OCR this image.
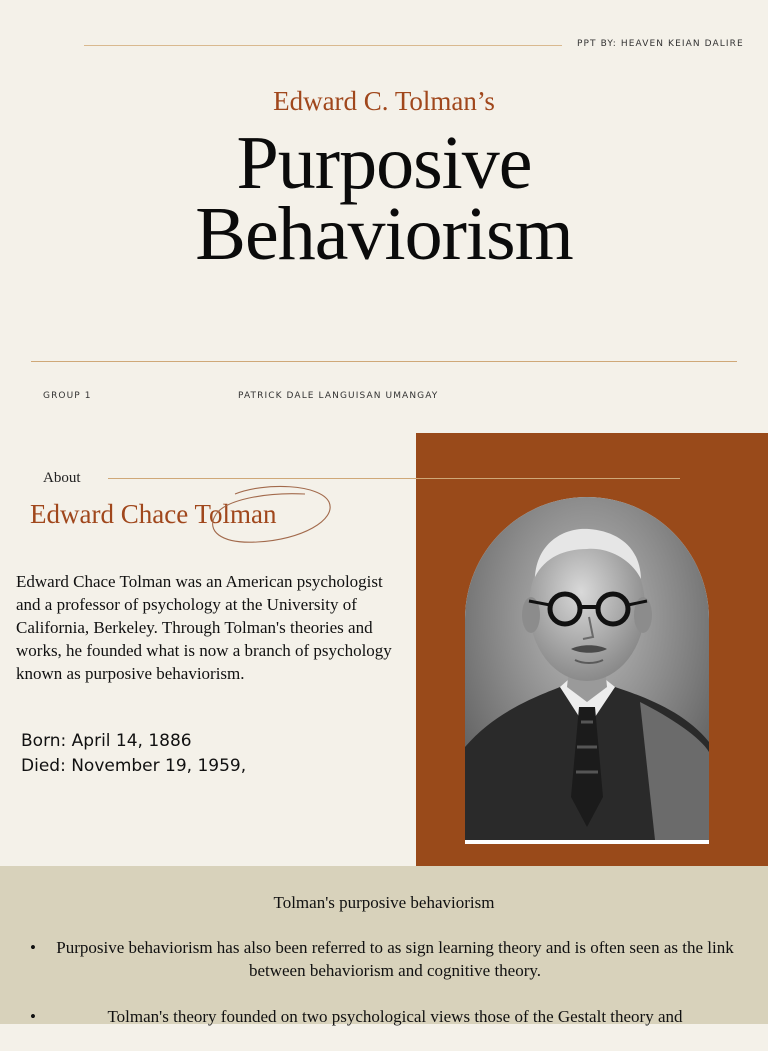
PPT BY: HEAVEN KEIAN DALIRE
Edward C. Tolman’s
Purposive
Behaviorism
GROUP 1	PATRICK DALE LANGUISAN UMANGAY
About
Edward Chace Tolman
Edward Chace Tolman was an American psychologist and a professor of psychology at the University of California, Berkeley. Through Tolman's theories and works, he founded what is now a branch of psychology known as purposive behaviorism.
Born: April 14, 1886
Died: November 19, 1959,
Tolman's purposive behaviorism
• Purposive behaviorism has also been referred to as sign learning theory and is often seen as the link between behaviorism and cognitive theory.
•	Tolman's theory founded on two psychological views those of the Gestalt theory and
